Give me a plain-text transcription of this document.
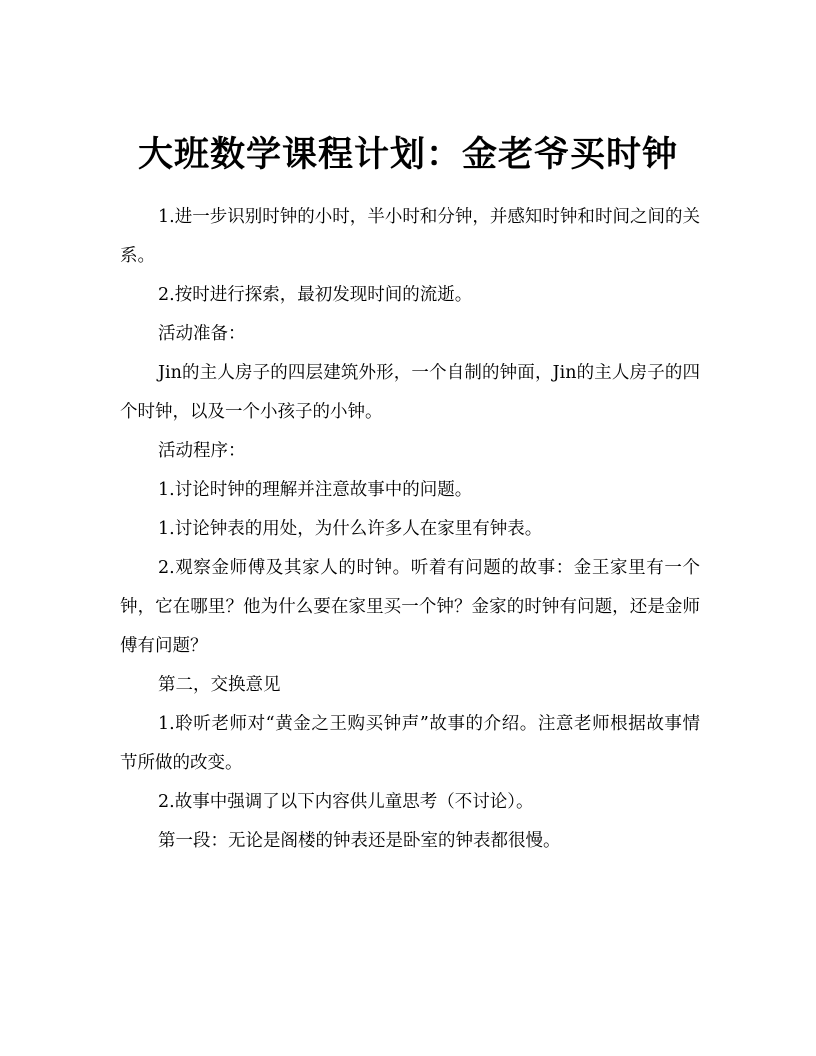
大班数学课程计划：金老爷买时钟

1.进一步识别时钟的小时，半小时和分钟，并感知时钟和时间之间的关系。

2.按时进行探索，最初发现时间的流逝。

活动准备：

Jin的主人房子的四层建筑外形，一个自制的钟面，Jin的主人房子的四个时钟，以及一个小孩子的小钟。

活动程序：

1.讨论时钟的理解并注意故事中的问题。

1.讨论钟表的用处，为什么许多人在家里有钟表。

2.观察金师傅及其家人的时钟。听着有问题的故事：金王家里有一个钟，它在哪里？他为什么要在家里买一个钟？金家的时钟有问题，还是金师傅有问题？

第二，交换意见

1.聆听老师对“黄金之王购买钟声”故事的介绍。注意老师根据故事情节所做的改变。

2.故事中强调了以下内容供儿童思考（不讨论）。

第一段：无论是阁楼的钟表还是卧室的钟表都很慢。
